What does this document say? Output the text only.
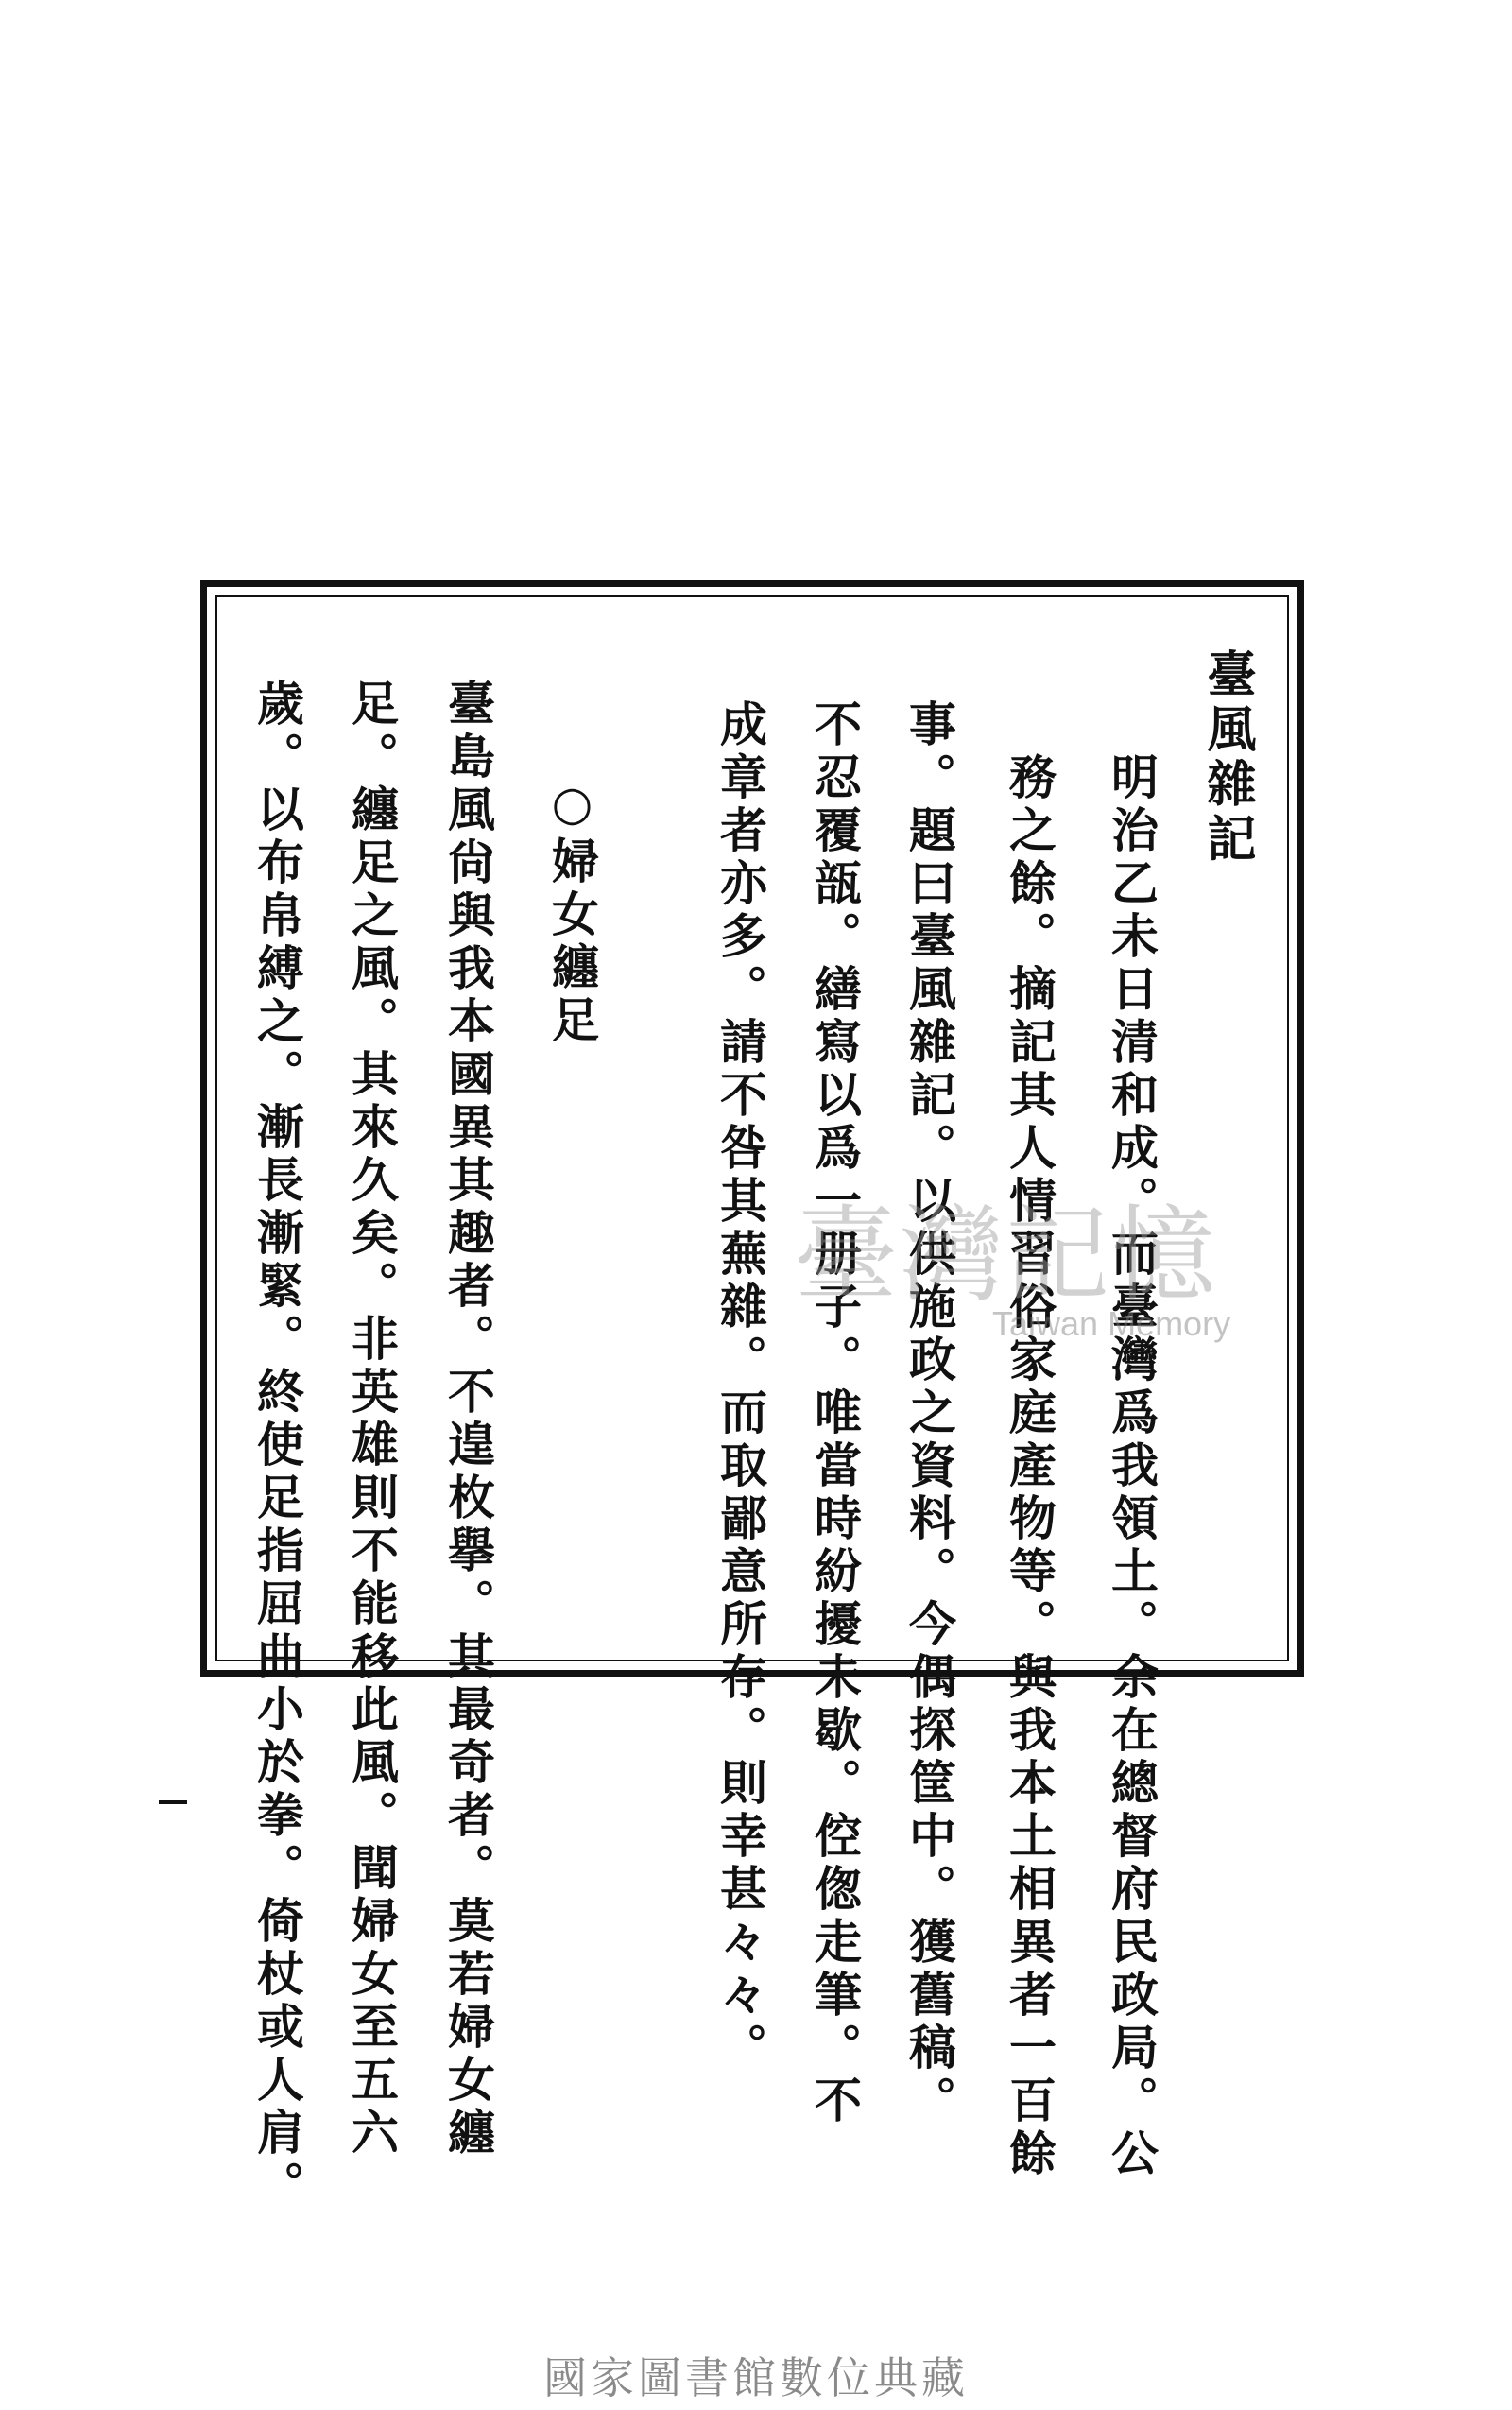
臺風雜記
明治乙未日清和成。而臺灣爲我領土。余在總督府民政局。公
務之餘。摘記其人情習俗家庭產物等。與我本土相異者一百餘
事。題曰臺風雜記。以供施政之資料。今偶探筐中。獲舊稿。
不忍覆瓿。繕寫以爲一册子。唯當時紛擾未歇。倥偬走筆。不
成章者亦多。請不咎其蕪雜。而取鄙意所存。則幸甚々々。
○婦女纏足
臺島風尙與我本國異其趣者。不遑枚擧。其最奇者。莫若婦女纏
足。纏足之風。其來久矣。非英雄則不能移此風。聞婦女至五六
歲。以布帛縛之。漸長漸緊。終使足指屈曲小於拳。倚杖或人肩。	臺灣記憶
Taiwan Memory
國家圖書館數位典藏
